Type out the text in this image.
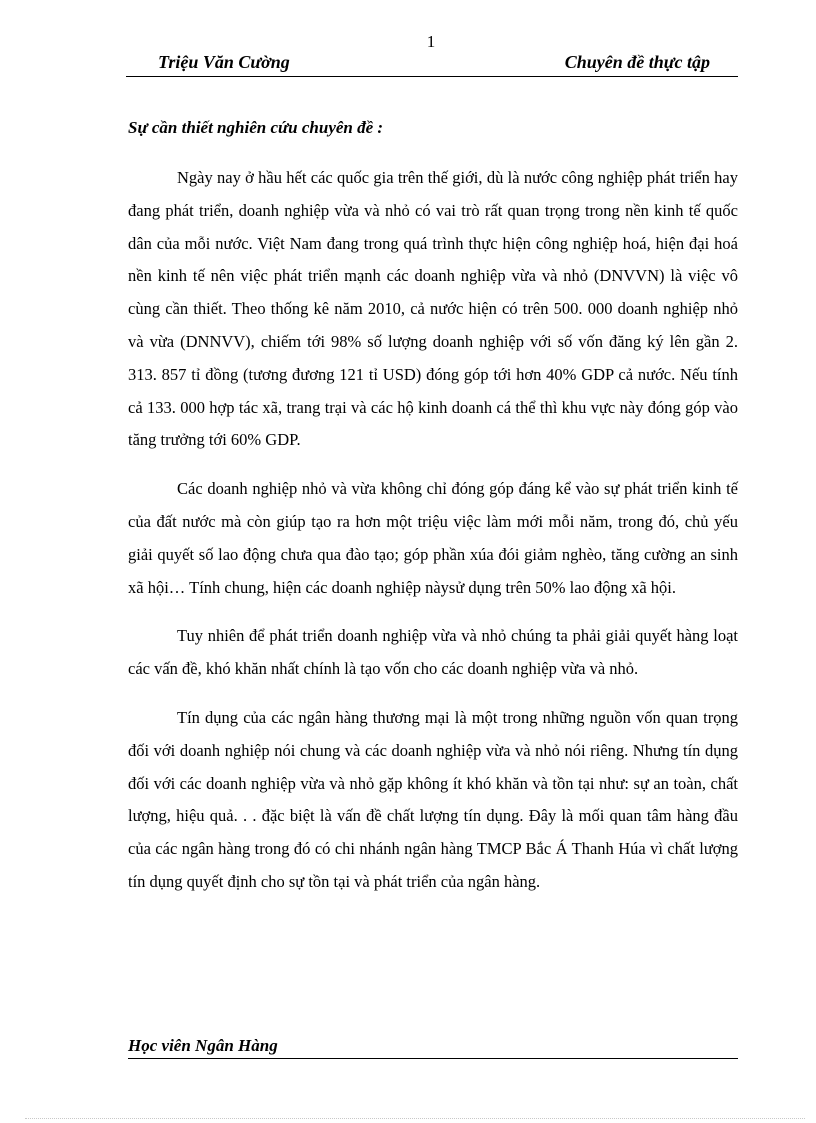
1
Triệu Văn Cường	Chuyên đề thực tập
Sự cần thiết nghiên cứu chuyên đề :

Ngày nay ở hầu hết các quốc gia trên thế giới, dù là nước công nghiệp phát triển hay đang phát triển, doanh nghiệp vừa và nhỏ có vai trò rất quan trọng trong nền kinh tế quốc dân của mỗi nước. Việt Nam đang trong quá trình thực hiện công nghiệp hoá, hiện đại hoá nền kinh tế nên việc phát triển mạnh các doanh nghiệp vừa và nhỏ (DNVVN) là việc vô cùng cần thiết. Theo thống kê năm 2010, cả nước hiện có trên 500. 000 doanh nghiệp nhỏ và vừa (DNNVV), chiếm tới 98% số lượng doanh nghiệp với số vốn đăng ký lên gần 2. 313. 857 tỉ đồng (tương đương 121 tỉ USD) đóng góp tới hơn 40% GDP cả nước. Nếu tính cả 133. 000 hợp tác xã, trang trại và các hộ kinh doanh cá thể thì khu vực này đóng góp vào tăng trưởng tới 60% GDP.

Các doanh nghiệp nhỏ và vừa không chỉ đóng góp đáng kể vào sự phát triển kinh tế của đất nước mà còn giúp tạo ra hơn một triệu việc làm mới mỗi năm, trong đó, chủ yếu giải quyết số lao động chưa qua đào tạo; góp phần xúa đói giảm nghèo, tăng cường an sinh xã hội… Tính chung, hiện các doanh nghiệp nàysử dụng trên 50% lao động xã hội.

Tuy nhiên để phát triển doanh nghiệp vừa và nhỏ chúng ta phải giải quyết hàng loạt các vấn đề, khó khăn nhất chính là tạo vốn cho các doanh nghiệp vừa và nhỏ.

Tín dụng của các ngân hàng thương mại là một trong những nguồn vốn quan trọng đối với doanh nghiệp nói chung và các doanh nghiệp vừa và nhỏ nói riêng. Nhưng tín dụng đối với các doanh nghiệp vừa và nhỏ gặp không ít khó khăn và tồn tại như: sự an toàn, chất lượng, hiệu quả. . . đặc biệt là vấn đề chất lượng tín dụng. Đây là mối quan tâm hàng đầu của các ngân hàng trong đó có chi nhánh ngân hàng TMCP Bắc Á Thanh Húa vì chất lượng tín dụng quyết định cho sự tồn tại và phát triển của ngân hàng.

Học viên Ngân Hàng
